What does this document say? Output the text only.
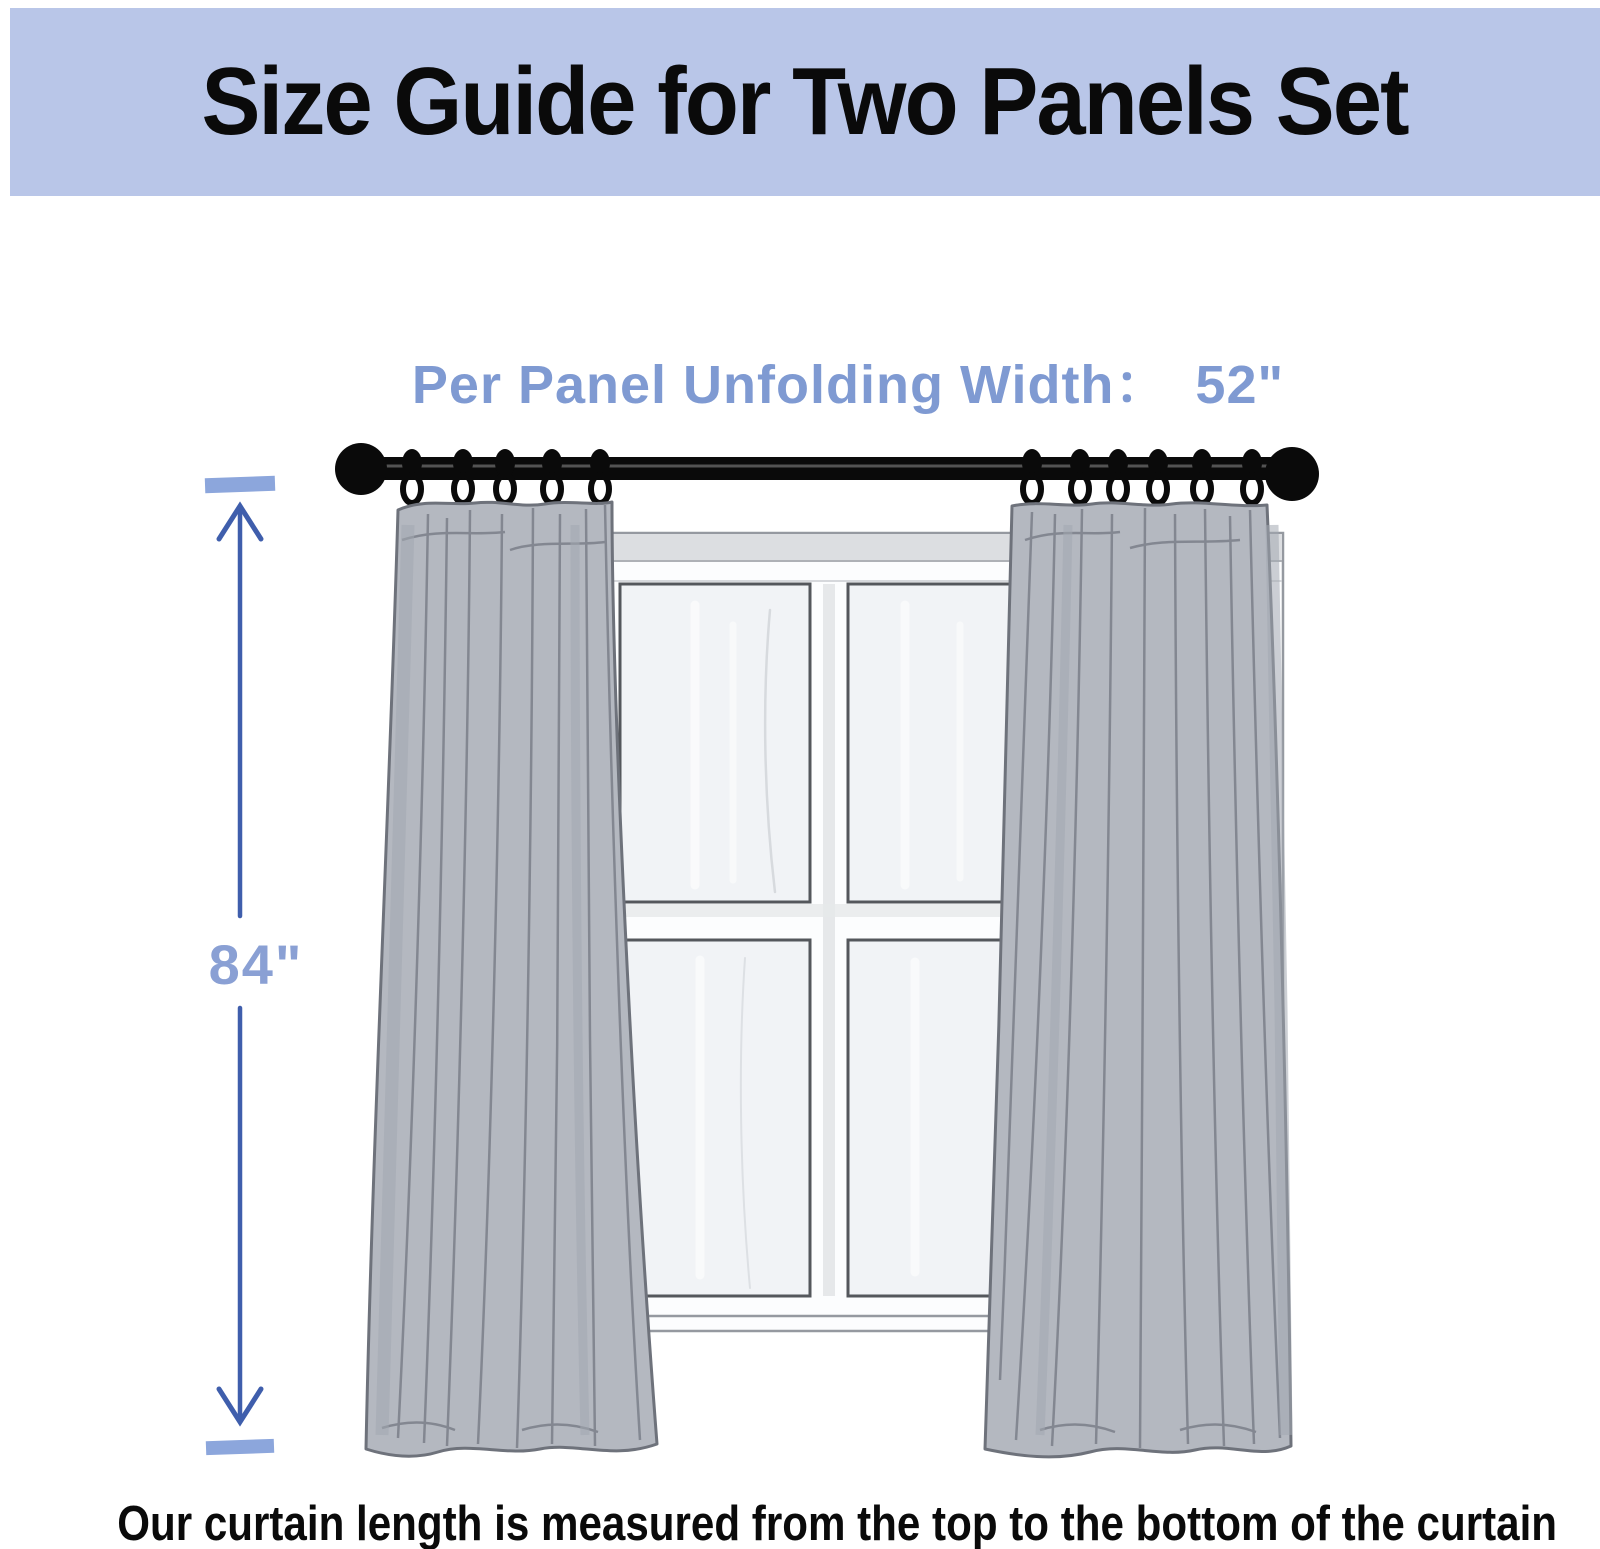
Size Guide for Two Panels Set
Per Panel Unfolding Width： 52"
84"
Our curtain length is measured from the top to the bottom of the curtain
